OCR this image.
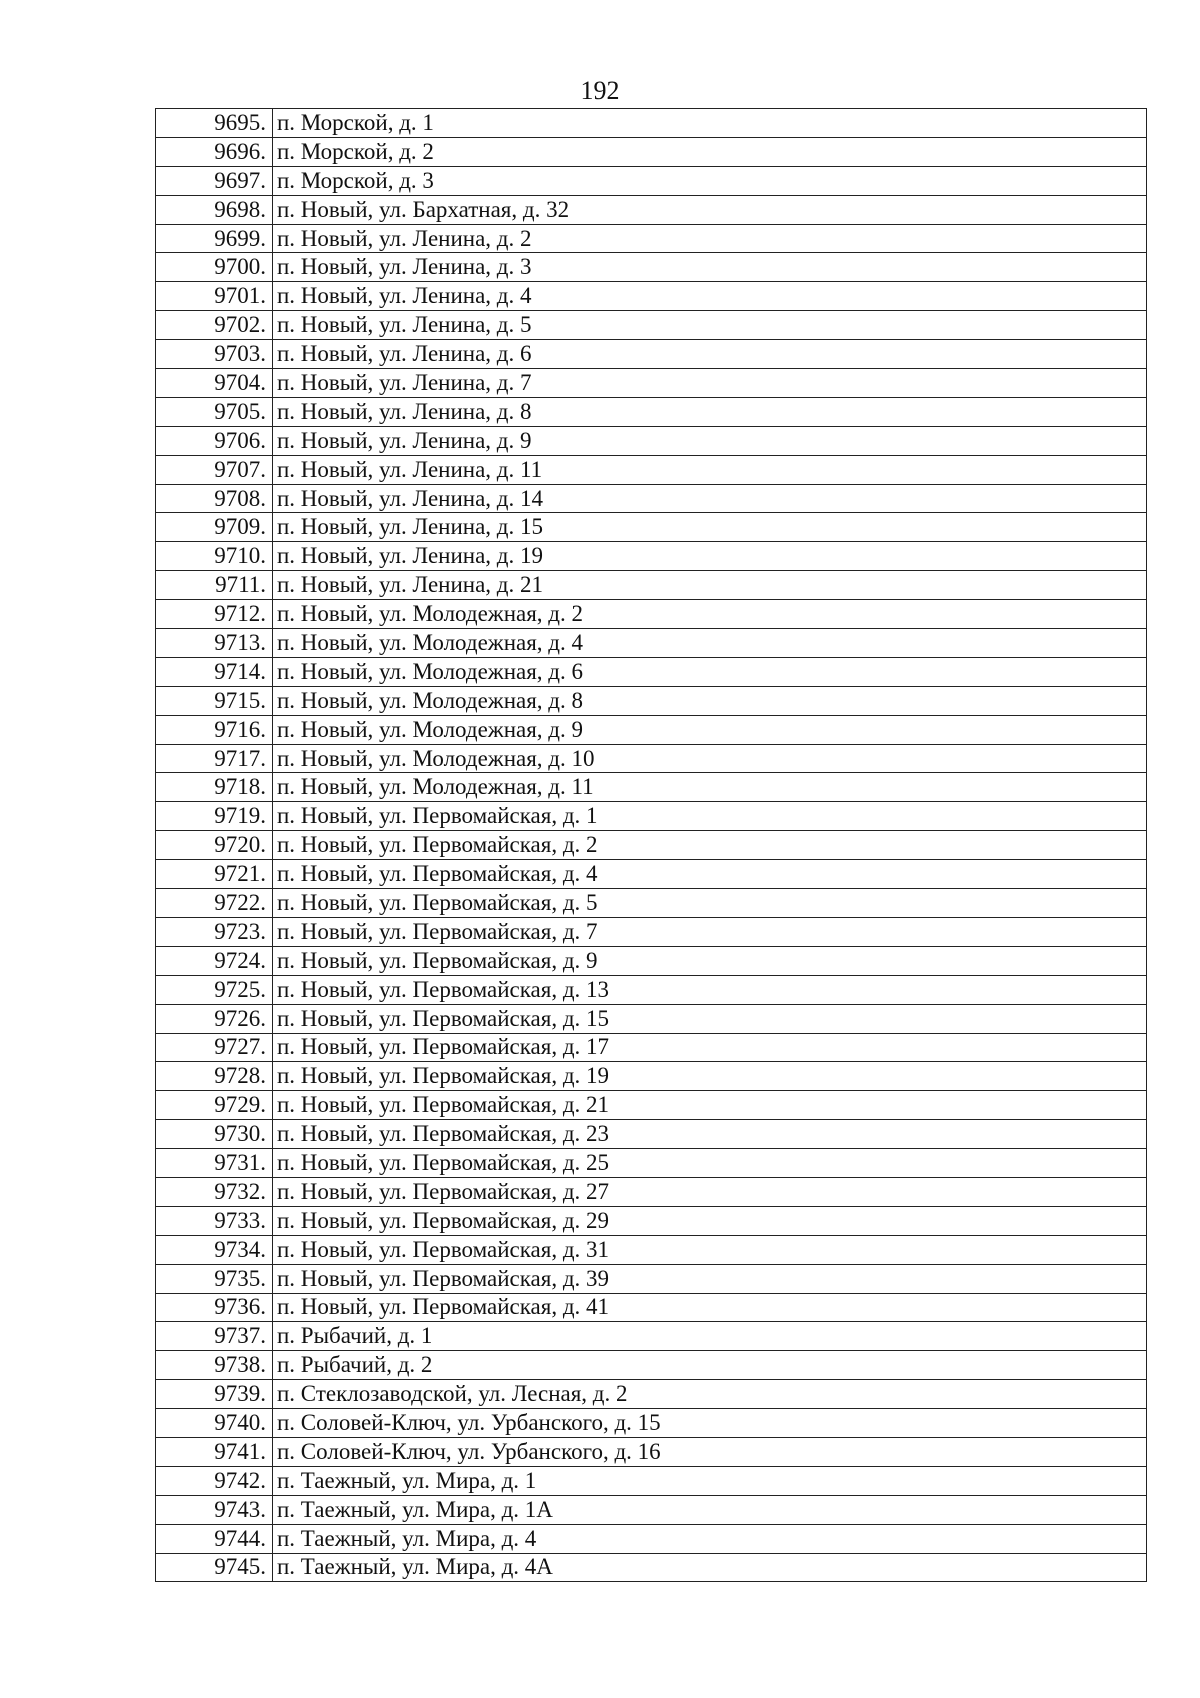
192
9695.	п. Морской, д. 1
9696.	п. Морской, д. 2
9697.	п. Морской, д. 3
9698.	п. Новый, ул. Бархатная, д. 32
9699.	п. Новый, ул. Ленина, д. 2
9700.	п. Новый, ул. Ленина, д. 3
9701.	п. Новый, ул. Ленина, д. 4
9702.	п. Новый, ул. Ленина, д. 5
9703.	п. Новый, ул. Ленина, д. 6
9704.	п. Новый, ул. Ленина, д. 7
9705.	п. Новый, ул. Ленина, д. 8
9706.	п. Новый, ул. Ленина, д. 9
9707.	п. Новый, ул. Ленина, д. 11
9708.	п. Новый, ул. Ленина, д. 14
9709.	п. Новый, ул. Ленина, д. 15
9710.	п. Новый, ул. Ленина, д. 19
9711.	п. Новый, ул. Ленина, д. 21
9712.	п. Новый, ул. Молодежная, д. 2
9713.	п. Новый, ул. Молодежная, д. 4
9714.	п. Новый, ул. Молодежная, д. 6
9715.	п. Новый, ул. Молодежная, д. 8
9716.	п. Новый, ул. Молодежная, д. 9
9717.	п. Новый, ул. Молодежная, д. 10
9718.	п. Новый, ул. Молодежная, д. 11
9719.	п. Новый, ул. Первомайская, д. 1
9720.	п. Новый, ул. Первомайская, д. 2
9721.	п. Новый, ул. Первомайская, д. 4
9722.	п. Новый, ул. Первомайская, д. 5
9723.	п. Новый, ул. Первомайская, д. 7
9724.	п. Новый, ул. Первомайская, д. 9
9725.	п. Новый, ул. Первомайская, д. 13
9726.	п. Новый, ул. Первомайская, д. 15
9727.	п. Новый, ул. Первомайская, д. 17
9728.	п. Новый, ул. Первомайская, д. 19
9729.	п. Новый, ул. Первомайская, д. 21
9730.	п. Новый, ул. Первомайская, д. 23
9731.	п. Новый, ул. Первомайская, д. 25
9732.	п. Новый, ул. Первомайская, д. 27
9733.	п. Новый, ул. Первомайская, д. 29
9734.	п. Новый, ул. Первомайская, д. 31
9735.	п. Новый, ул. Первомайская, д. 39
9736.	п. Новый, ул. Первомайская, д. 41
9737.	п. Рыбачий, д. 1
9738.	п. Рыбачий, д. 2
9739.	п. Стеклозаводской, ул. Лесная, д. 2
9740.	п. Соловей-Ключ, ул. Урбанского, д. 15
9741.	п. Соловей-Ключ, ул. Урбанского, д. 16
9742.	п. Таежный, ул. Мира, д. 1
9743.	п. Таежный, ул. Мира, д. 1А
9744.	п. Таежный, ул. Мира, д. 4
9745.	п. Таежный, ул. Мира, д. 4А
